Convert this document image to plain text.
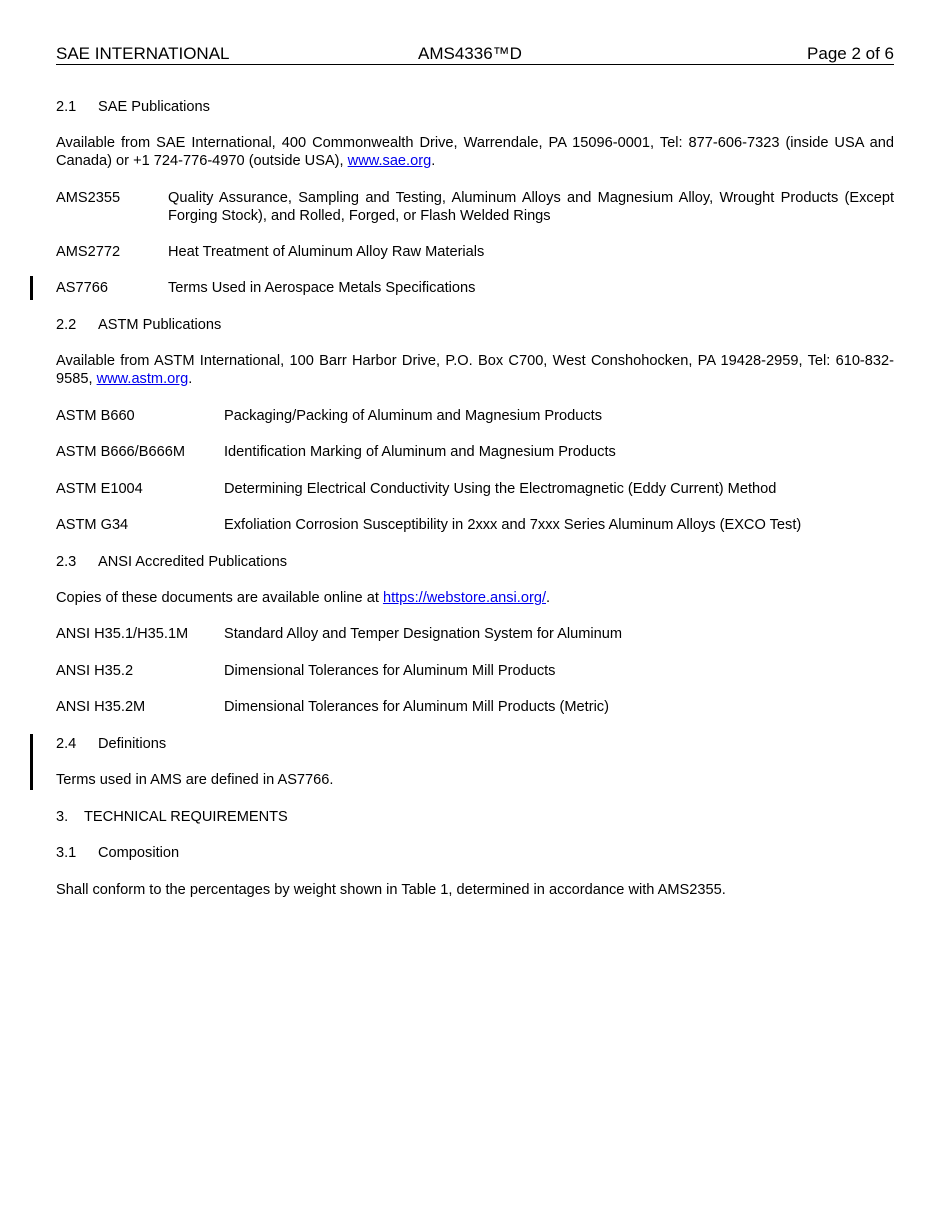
SAE INTERNATIONAL	AMS4336™D	Page 2 of 6
2.1 SAE Publications
Available from SAE International, 400 Commonwealth Drive, Warrendale, PA 15096-0001, Tel: 877-606-7323 (inside USA and Canada) or +1 724-776-4970 (outside USA), www.sae.org.
AMS2355	Quality Assurance, Sampling and Testing, Aluminum Alloys and Magnesium Alloy, Wrought Products (Except Forging Stock), and Rolled, Forged, or Flash Welded Rings
AMS2772	Heat Treatment of Aluminum Alloy Raw Materials
AS7766	Terms Used in Aerospace Metals Specifications
2.2 ASTM Publications
Available from ASTM International, 100 Barr Harbor Drive, P.O. Box C700, West Conshohocken, PA 19428-2959, Tel: 610-832-9585, www.astm.org.
ASTM B660	Packaging/Packing of Aluminum and Magnesium Products
ASTM B666/B666M	Identification Marking of Aluminum and Magnesium Products
ASTM E1004	Determining Electrical Conductivity Using the Electromagnetic (Eddy Current) Method
ASTM G34	Exfoliation Corrosion Susceptibility in 2xxx and 7xxx Series Aluminum Alloys (EXCO Test)
2.3 ANSI Accredited Publications
Copies of these documents are available online at https://webstore.ansi.org/.
ANSI H35.1/H35.1M Standard Alloy and Temper Designation System for Aluminum
ANSI H35.2	Dimensional Tolerances for Aluminum Mill Products
ANSI H35.2M	Dimensional Tolerances for Aluminum Mill Products (Metric)
2.4 Definitions
Terms used in AMS are defined in AS7766.
3. TECHNICAL REQUIREMENTS
3.1 Composition
Shall conform to the percentages by weight shown in Table 1, determined in accordance with AMS2355.
